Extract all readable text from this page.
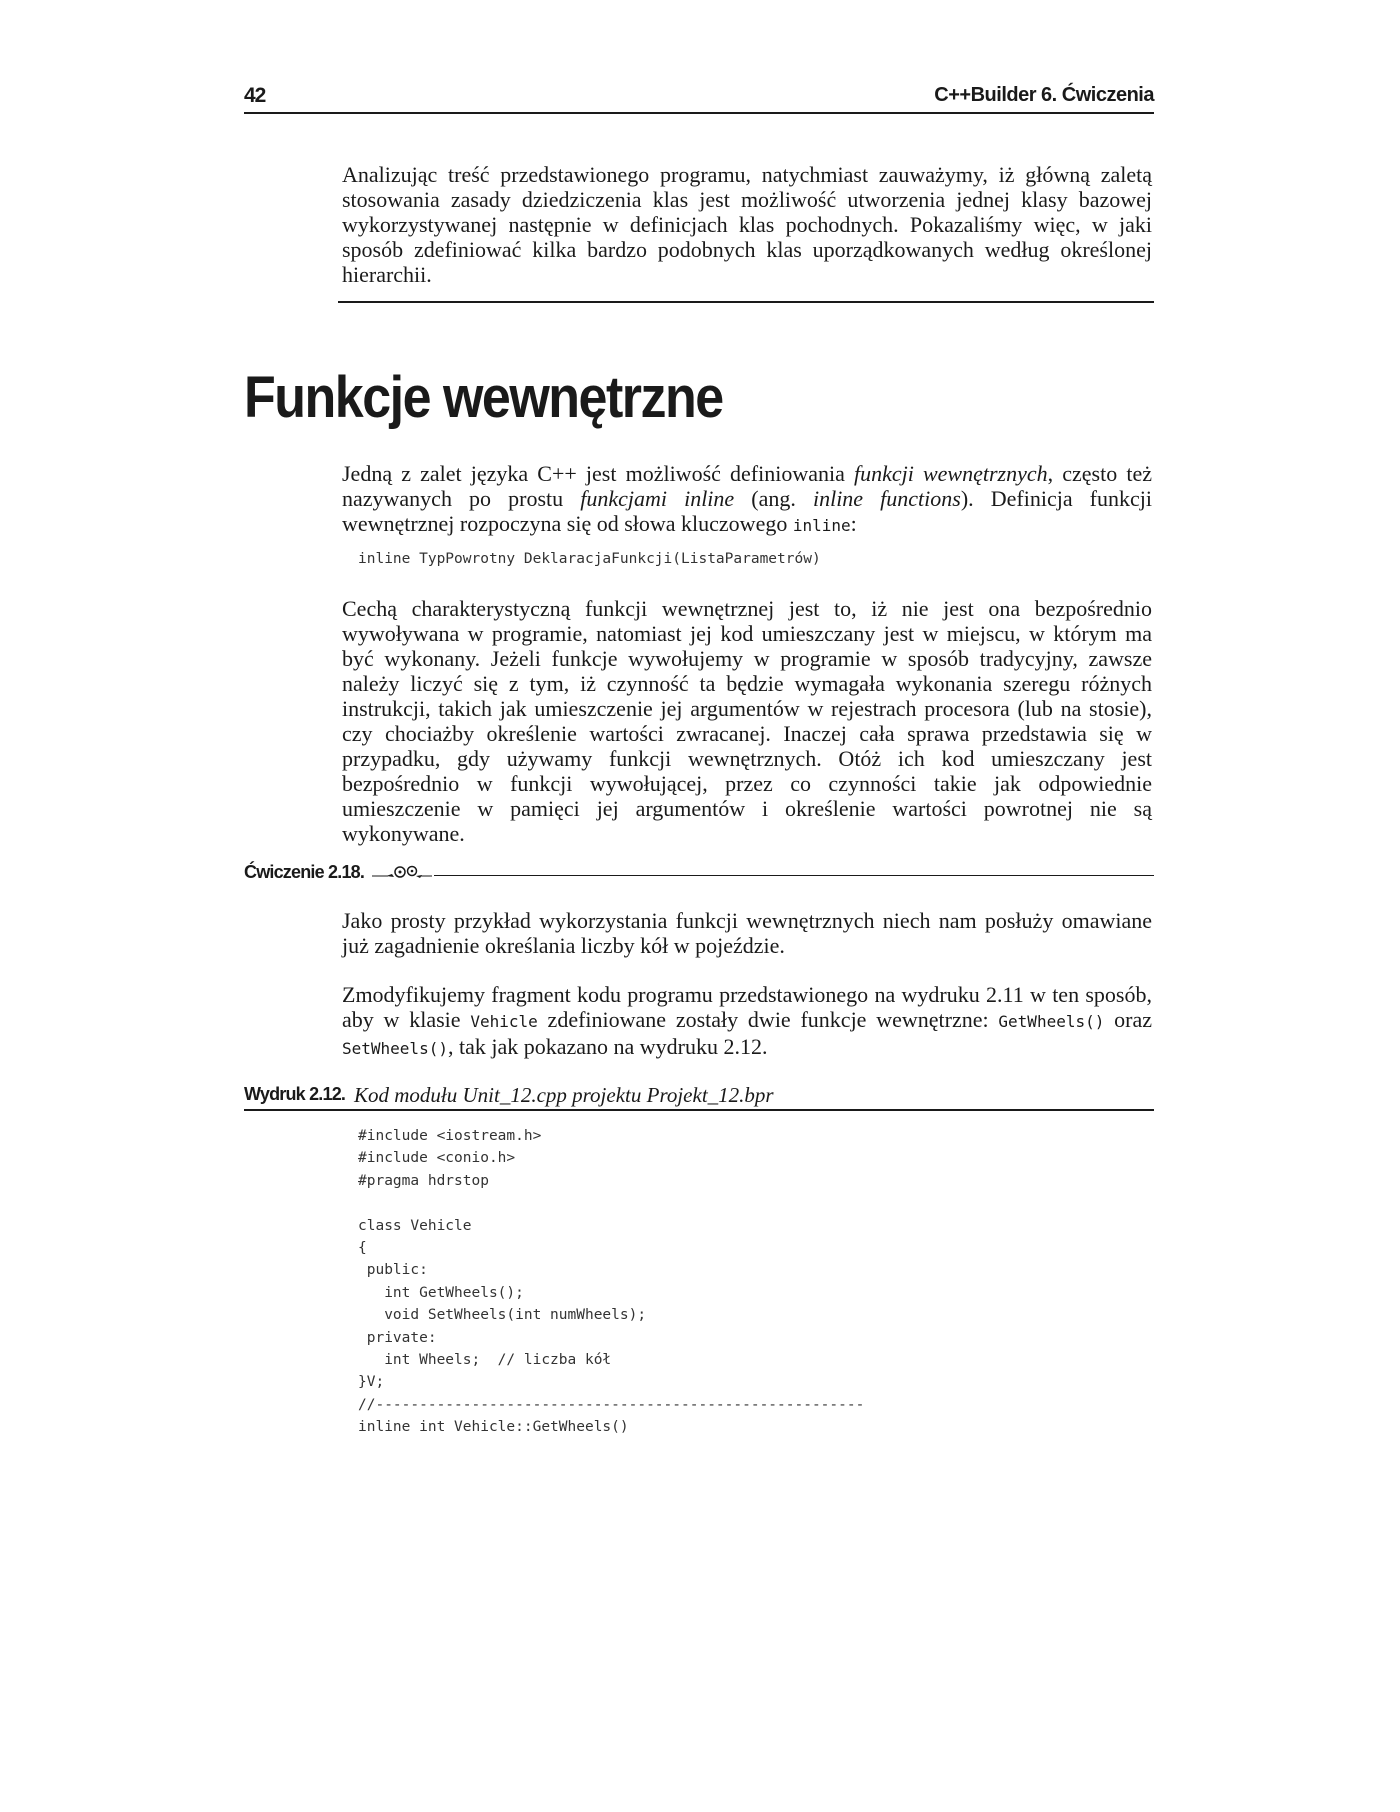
42	C++Builder 6. Ćwiczenia

Analizując treść przedstawionego programu, natychmiast zauważymy, iż główną zaletą stosowania zasady dziedziczenia klas jest możliwość utworzenia jednej klasy bazowej wykorzystywanej następnie w definicjach klas pochodnych. Pokazaliśmy więc, w jaki sposób zdefiniować kilka bardzo podobnych klas uporządkowanych według określonej hierarchii.

Funkcje wewnętrzne

Jedną z zalet języka C++ jest możliwość definiowania funkcji wewnętrznych, często też nazywanych po prostu funkcjami inline (ang. inline functions). Definicja funkcji wewnętrznej rozpoczyna się od słowa kluczowego inline:

inline TypPowrotny DeklaracjaFunkcji(ListaParametrów)

Cechą charakterystyczną funkcji wewnętrznej jest to, iż nie jest ona bezpośrednio wywoływana w programie, natomiast jej kod umieszczany jest w miejscu, w którym ma być wykonany. Jeżeli funkcje wywołujemy w programie w sposób tradycyjny, zawsze należy liczyć się z tym, iż czynność ta będzie wymagała wykonania szeregu różnych instrukcji, takich jak umieszczenie jej argumentów w rejestrach procesora (lub na stosie), czy chociażby określenie wartości zwracanej. Inaczej cała sprawa przedstawia się w przypadku, gdy używamy funkcji wewnętrznych. Otóż ich kod umieszczany jest bezpośrednio w funkcji wywołującej, przez co czynności takie jak odpowiednie umieszczenie w pamięci jej argumentów i określenie wartości powrotnej nie są wykonywane.

Ćwiczenie 2.18.

Jako prosty przykład wykorzystania funkcji wewnętrznych niech nam posłuży omawiane już zagadnienie określania liczby kół w pojeździe.

Zmodyfikujemy fragment kodu programu przedstawionego na wydruku 2.11 w ten sposób, aby w klasie Vehicle zdefiniowane zostały dwie funkcje wewnętrzne: GetWheels() oraz SetWheels(), tak jak pokazano na wydruku 2.12.

Wydruk 2.12. Kod modułu Unit_12.cpp projektu Projekt_12.bpr
#include <iostream.h>
#include <conio.h>
#pragma hdrstop
class Vehicle
{
public:
int GetWheels();
void SetWheels(int numWheels);
private:
int Wheels;  // liczba kół
}V;
//--------------------------------------------------------
inline int Vehicle::GetWheels()
